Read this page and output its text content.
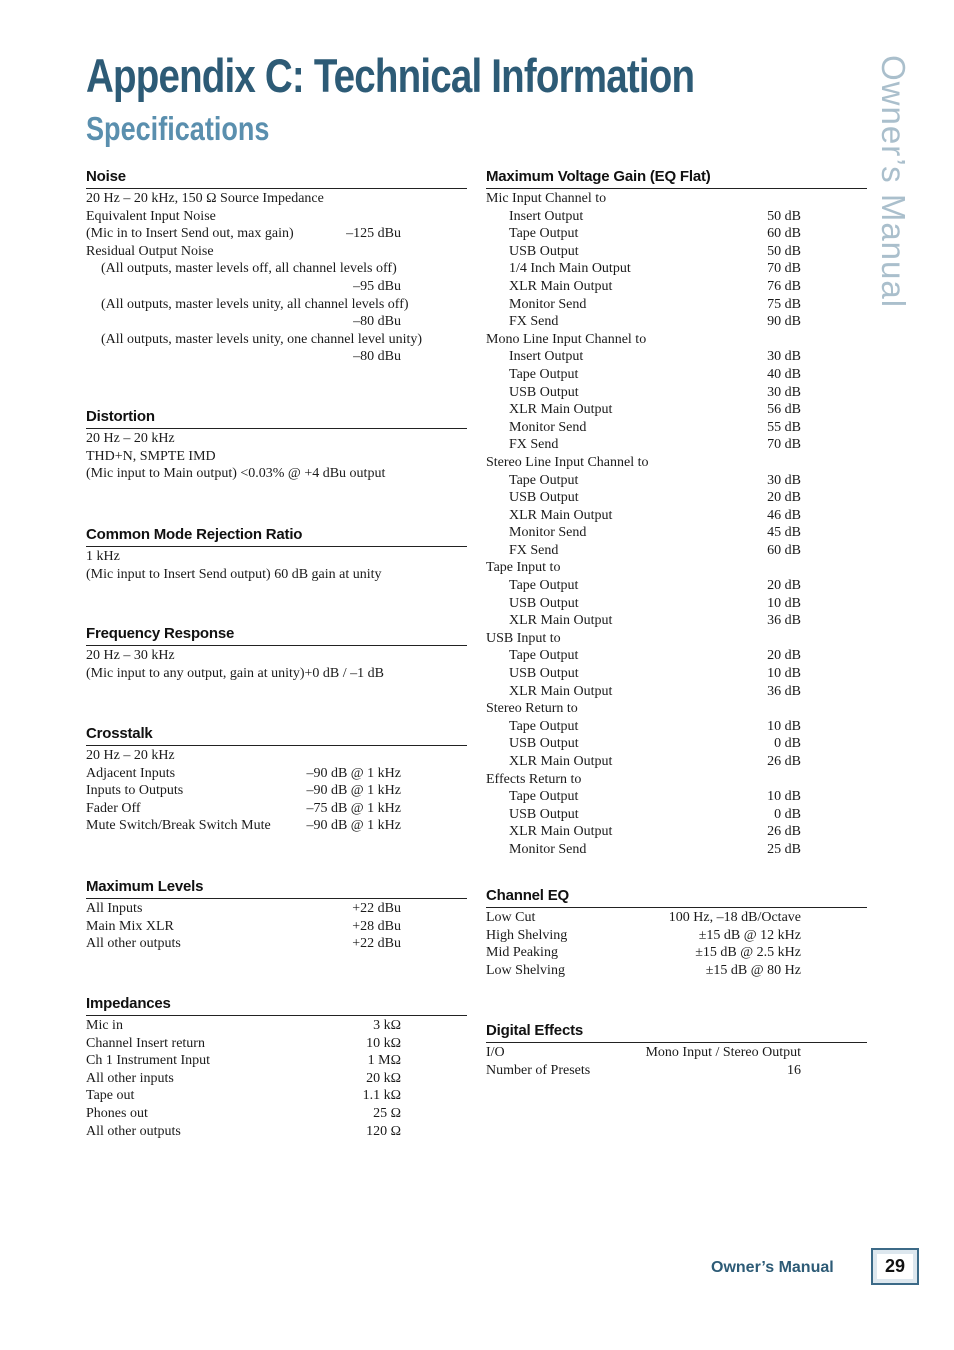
Appendix C: Technical Information
Specifications	Owner’s Manual
Noise
20 Hz – 20 kHz, 150 Ω Source Impedance
Equivalent Input Noise
(Mic in to Insert Send out, max gain)	–125 dBu
Residual Output Noise
(All outputs, master levels off, all channel levels off)
–95 dBu
(All outputs, master levels unity, all channel levels off)
–80 dBu
(All outputs, master levels unity, one channel level unity)
–80 dBu
Distortion
20 Hz – 20 kHz
THD+N, SMPTE IMD
(Mic input to Main output) <0.03% @ +4 dBu output
Common Mode Rejection Ratio
1 kHz
(Mic input to Insert Send output) 60 dB gain at unity
Frequency Response
20 Hz – 30 kHz
(Mic input to any output, gain at unity)+0 dB / –1 dB
Crosstalk
20 Hz – 20 kHz
Adjacent Inputs	–90 dB @ 1 kHz
Inputs to Outputs	–90 dB @ 1 kHz
Fader Off	–75 dB @ 1 kHz
Mute Switch/Break Switch Mute	–90 dB @ 1 kHz
Maximum Levels
All Inputs	+22 dBu
Main Mix XLR	+28 dBu
All other outputs	+22 dBu
Impedances
Mic in	3 kΩ
Channel Insert return	10 kΩ
Ch 1 Instrument Input	1 MΩ
All other inputs	20 kΩ
Tape out	1.1 kΩ
Phones out	25 Ω
All other outputs	120 Ω
Maximum Voltage Gain (EQ Flat)
Mic Input Channel to
Insert Output	50 dB
Tape Output	60 dB
USB Output	50 dB
1/4 Inch Main Output	70 dB
XLR Main Output	76 dB
Monitor Send	75 dB
FX Send	90 dB
Mono Line Input Channel to
Insert Output	30 dB
Tape Output	40 dB
USB Output	30 dB
XLR Main Output	56 dB
Monitor Send	55 dB
FX Send	70 dB
Stereo Line Input Channel to
Tape Output	30 dB
USB Output	20 dB
XLR Main Output	46 dB
Monitor Send	45 dB
FX Send	60 dB
Tape Input to
Tape Output	20 dB
USB Output	10 dB
XLR Main Output	36 dB
USB Input to
Tape Output	20 dB
USB Output	10 dB
XLR Main Output	36 dB
Stereo Return to
Tape Output	10 dB
USB Output	0 dB
XLR Main Output	26 dB
Effects Return to
Tape Output	10 dB
USB Output	0 dB
XLR Main Output	26 dB
Monitor Send	25 dB
Channel EQ
Low Cut	100 Hz, –18 dB/Octave
High Shelving	±15 dB @ 12 kHz
Mid Peaking	±15 dB @ 2.5 kHz
Low Shelving	±15 dB @ 80 Hz
Digital Effects
I/O	Mono Input / Stereo Output
Number of Presets	16
Owner’s Manual	29
